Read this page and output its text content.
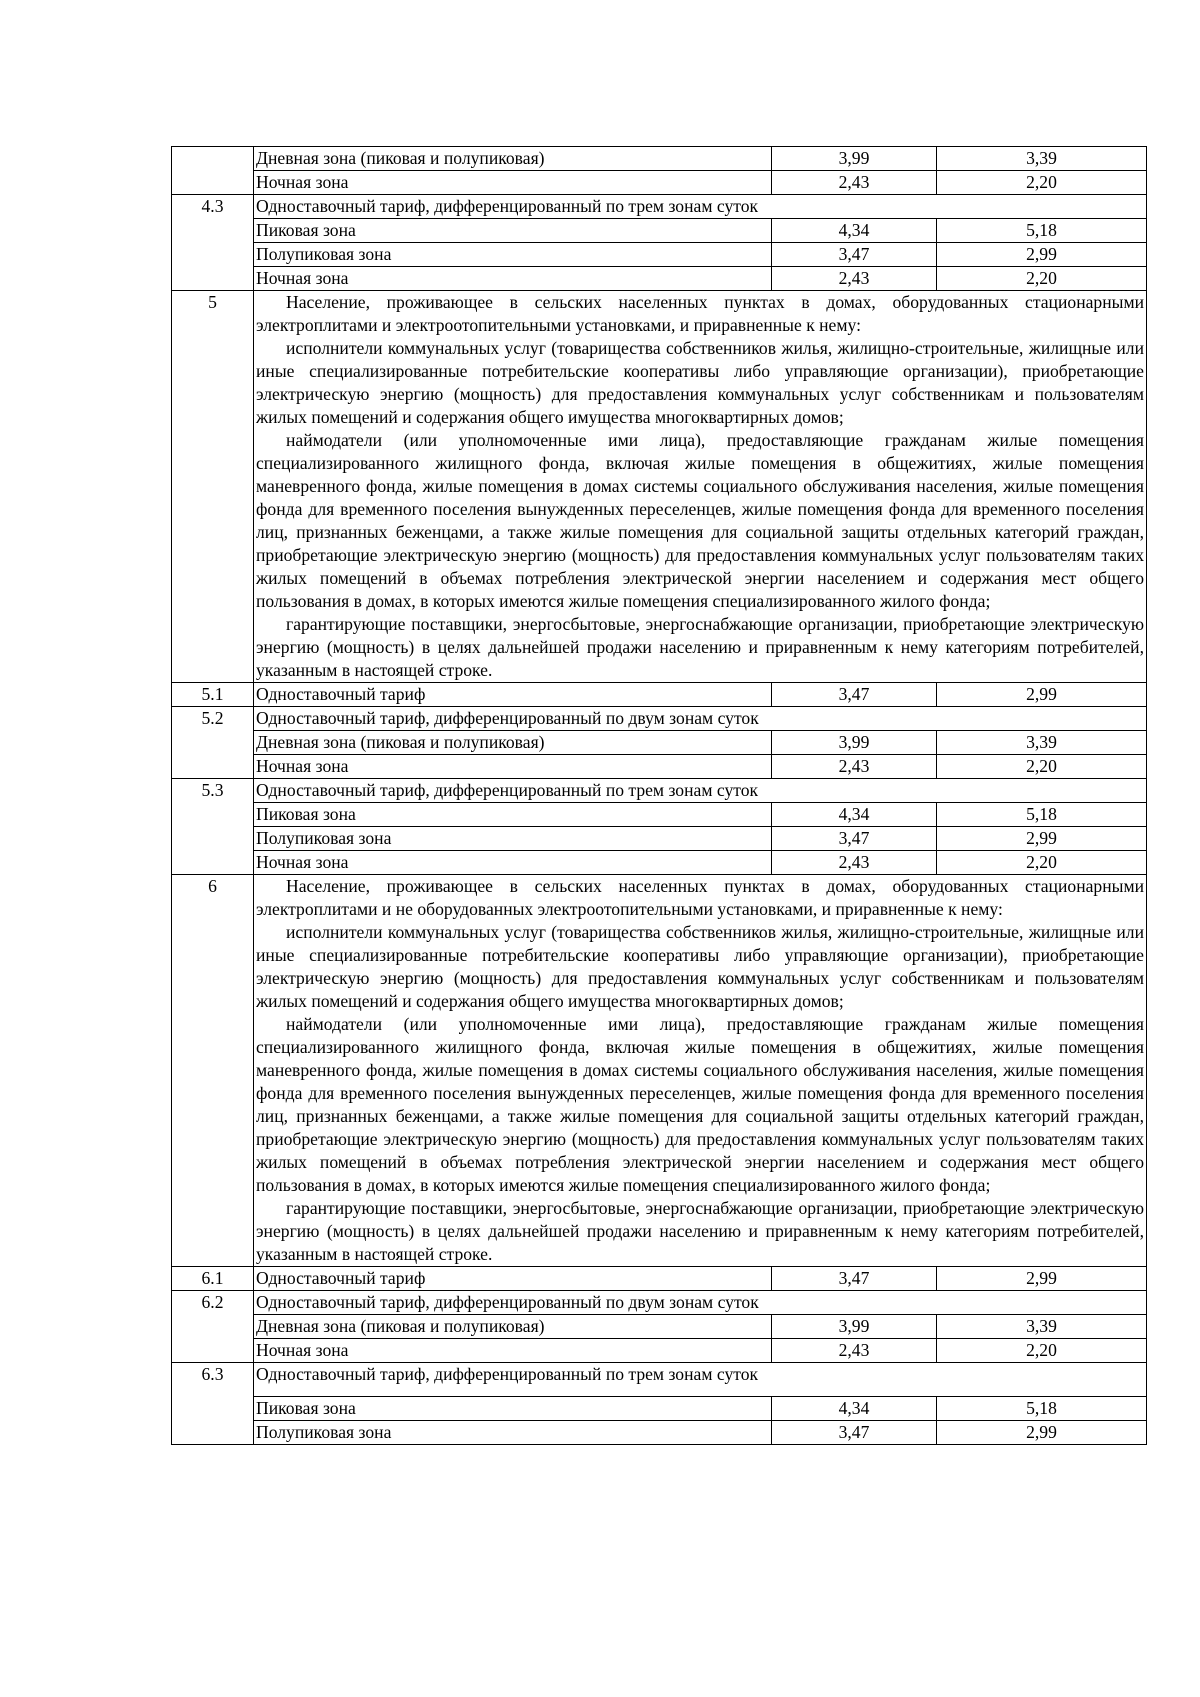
	Дневная зона (пиковая и полупиковая)	3,99	3,39
	Ночная зона	2,43	2,20
4.3	Одноставочный тариф, дифференцированный по трем зонам суток		
	Пиковая зона	4,34	5,18
	Полупиковая зона	3,47	2,99
	Ночная зона	2,43	2,20
5	Население, проживающее в сельских населенных пунктах в домах, оборудованных стационарными электроплитами и электроотопительными установками, и приравненные к нему:

исполнители коммунальных услуг (товарищества собственников жилья, жилищно-строительные, жилищные или иные специализированные потребительские кооперативы либо управляющие организации), приобретающие электрическую энергию (мощность) для предоставления коммунальных услуг собственникам и пользователям жилых помещений и содержания общего имущества многоквартирных домов;

наймодатели (или уполномоченные ими лица), предоставляющие гражданам жилые помещения специализированного жилищного фонда, включая жилые помещения в общежитиях, жилые помещения маневренного фонда, жилые помещения в домах системы социального обслуживания населения, жилые помещения фонда для временного поселения вынужденных переселенцев, жилые помещения фонда для временного поселения лиц, признанных беженцами, а также жилые помещения для социальной защиты отдельных категорий граждан, приобретающие электрическую энергию (мощность) для предоставления коммунальных услуг пользователям таких жилых помещений в объемах потребления электрической энергии населением и содержания мест общего пользования в домах, в которых имеются жилые помещения специализированного жилого фонда;

гарантирующие поставщики, энергосбытовые, энергоснабжающие организации, приобретающие электрическую энергию (мощность) в целях дальнейшей продажи населению и приравненным к нему категориям потребителей, указанным в настоящей строке.		

5.1	Одноставочный тариф	3,47	2,99
5.2	Одноставочный тариф, дифференцированный по двум зонам суток		
	Дневная зона (пиковая и полупиковая)	3,99	3,39
	Ночная зона	2,43	2,20
5.3	Одноставочный тариф, дифференцированный по трем зонам суток		
	Пиковая зона	4,34	5,18
	Полупиковая зона	3,47	2,99
	Ночная зона	2,43	2,20
6	Население, проживающее в сельских населенных пунктах в домах, оборудованных стационарными электроплитами и не оборудованных электроотопительными установками, и приравненные к нему:

исполнители коммунальных услуг (товарищества собственников жилья, жилищно-строительные, жилищные или иные специализированные потребительские кооперативы либо управляющие организации), приобретающие электрическую энергию (мощность) для предоставления коммунальных услуг собственникам и пользователям жилых помещений и содержания общего имущества многоквартирных домов;

наймодатели (или уполномоченные ими лица), предоставляющие гражданам жилые помещения специализированного жилищного фонда, включая жилые помещения в общежитиях, жилые помещения маневренного фонда, жилые помещения в домах системы социального обслуживания населения, жилые помещения фонда для временного поселения вынужденных переселенцев, жилые помещения фонда для временного поселения лиц, признанных беженцами, а также жилые помещения для социальной защиты отдельных категорий граждан, приобретающие электрическую энергию (мощность) для предоставления коммунальных услуг пользователям таких жилых помещений в объемах потребления электрической энергии населением и содержания мест общего пользования в домах, в которых имеются жилые помещения специализированного жилого фонда;

гарантирующие поставщики, энергосбытовые, энергоснабжающие организации, приобретающие электрическую энергию (мощность) в целях дальнейшей продажи населению и приравненным к нему категориям потребителей, указанным в настоящей строке.		

6.1	Одноставочный тариф	3,47	2,99
6.2	Одноставочный тариф, дифференцированный по двум зонам суток		
	Дневная зона (пиковая и полупиковая)	3,99	3,39
	Ночная зона	2,43	2,20
6.3	Одноставочный тариф, дифференцированный по трем зонам суток		
	Пиковая зона	4,34	5,18
	Полупиковая зона	3,47	2,99
